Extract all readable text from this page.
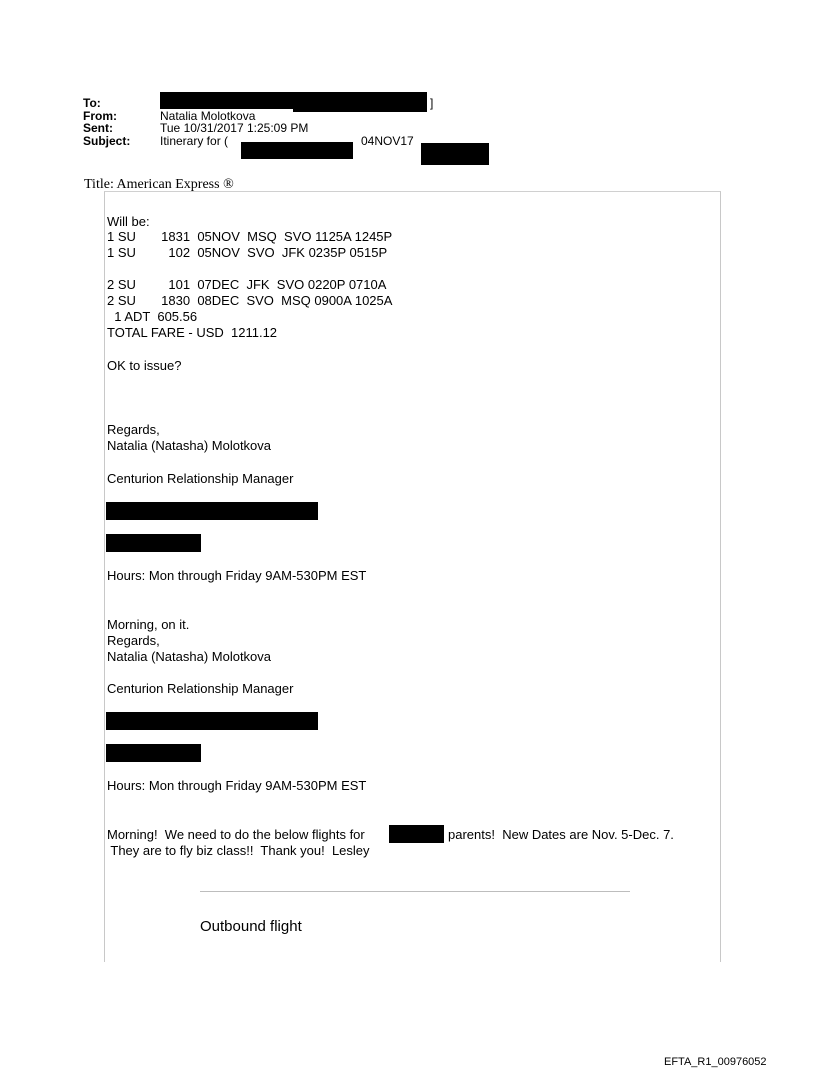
To:	]
From:	Natalia Molotkova
Sent:	Tue 10/31/2017 1:25:09 PM
Subject: Itinerary for (	04NOV17
Title: American Express ®
Will be:
1 SU       1831  05NOV  MSQ  SVO 1125A 1245P
1 SU         102  05NOV  SVO  JFK 0235P 0515P
2 SU         101  07DEC  JFK  SVO 0220P 0710A
2 SU       1830  08DEC  SVO  MSQ 0900A 1025A
1 ADT  605.56
TOTAL FARE - USD  1211.12
OK to issue?
Regards,
Natalia (Natasha) Molotkova
Centurion Relationship Manager
Hours: Mon through Friday 9AM-530PM EST
Morning, on it.
Regards,
Natalia (Natasha) Molotkova
Centurion Relationship Manager
Hours: Mon through Friday 9AM-530PM EST
Morning!  We need to do the below flights for	parents!  New Dates are Nov. 5-Dec. 7.
They are to fly biz class!!  Thank you!  Lesley
Outbound flight
EFTA_R1_00976052
